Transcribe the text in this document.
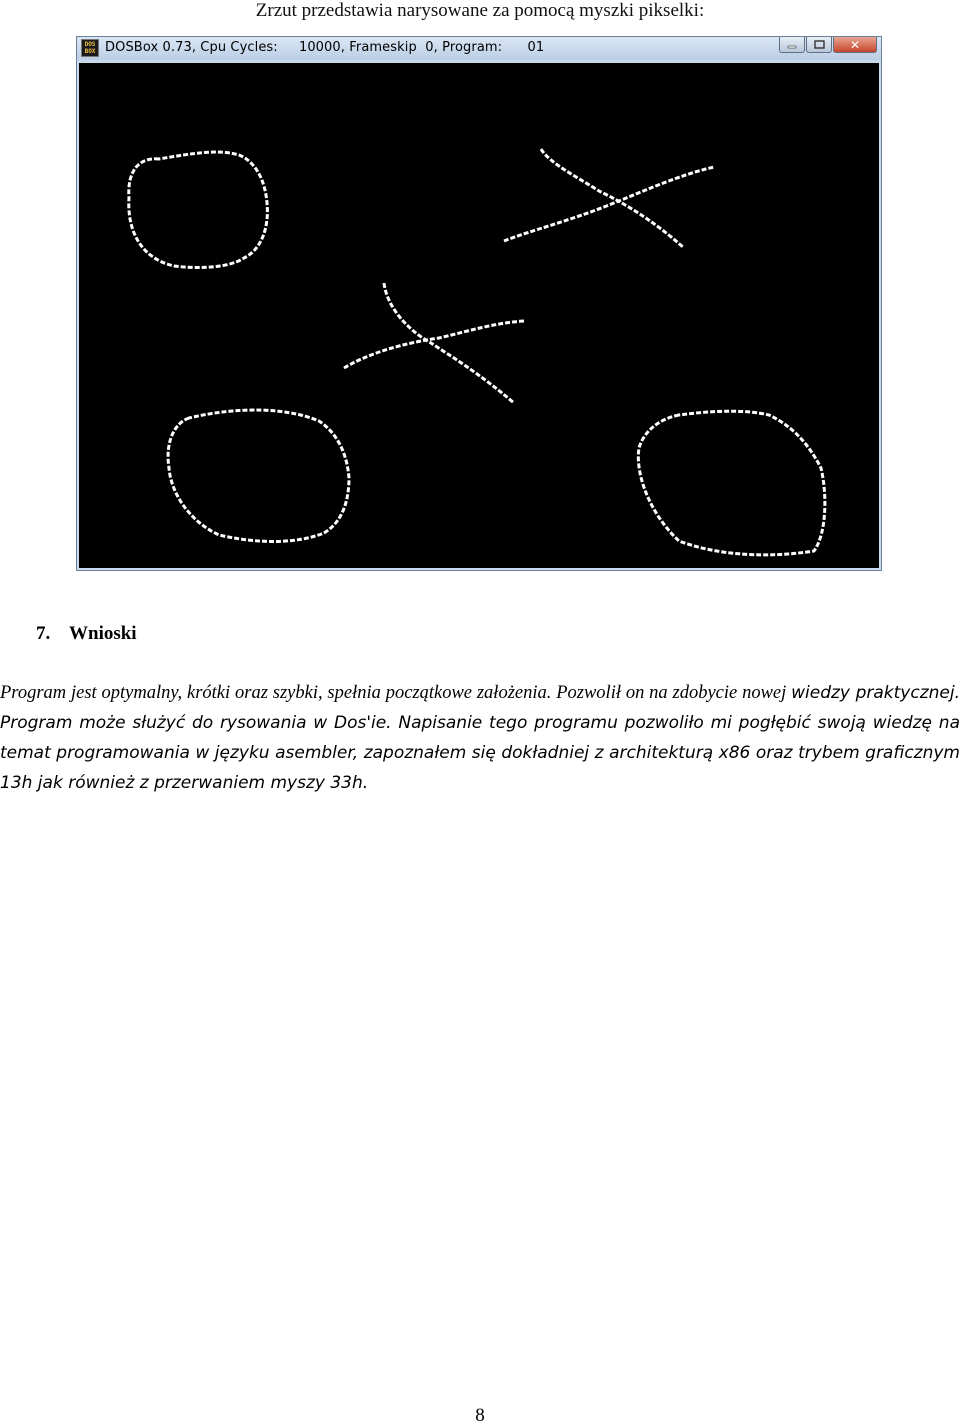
Zrzut przedstawia narysowane za pomocą myszki pikselki:
DOS BOX DOSBox 0.73, Cpu Cycles:     10000, Frameskip  0, Program:      01	✕
7. Wnioski
Program jest optymalny, krótki oraz szybki, spełnia początkowe założenia. Pozwolił on na zdobycie nowej wiedzy praktycznej. Program może służyć do rysowania w Dos'ie. Napisanie tego programu pozwoliło mi pogłębić swoją wiedzę na temat programowania w języku asembler, zapoznałem się dokładniej z architekturą x86 oraz trybem graficznym 13h jak również z przerwaniem myszy 33h.
8
